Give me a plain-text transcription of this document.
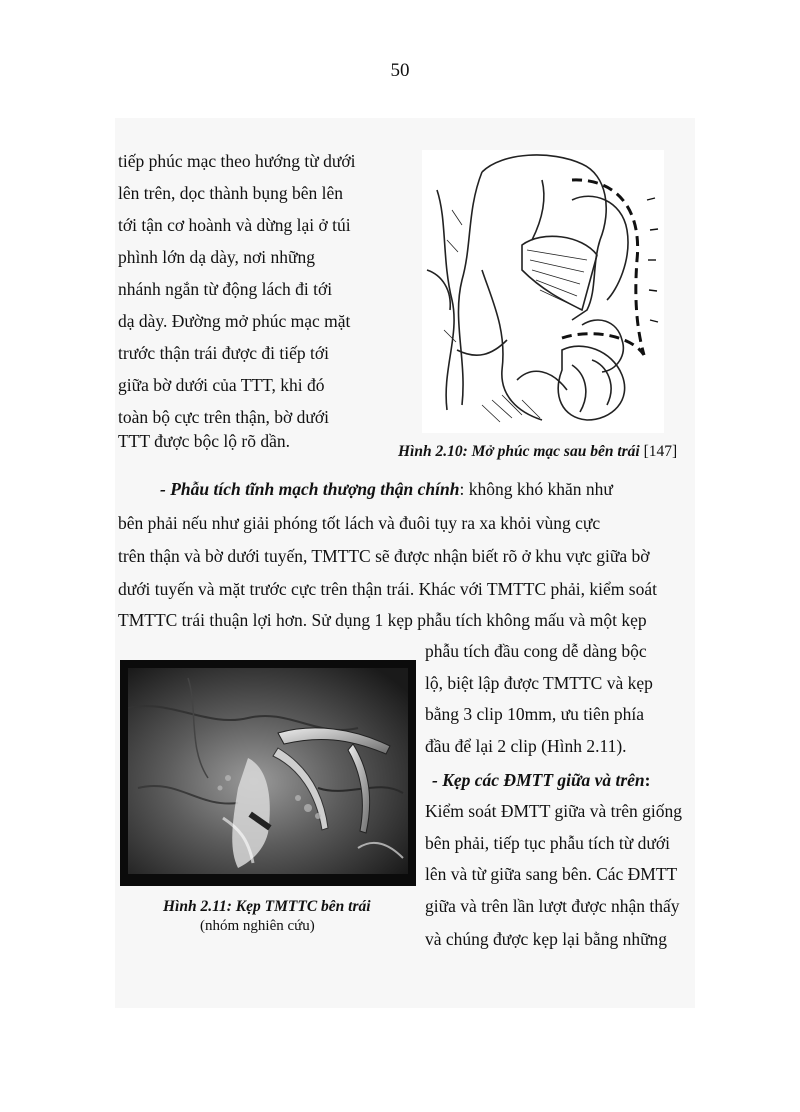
50
tiếp phúc mạc theo hướng từ dưới
lên trên, dọc thành bụng bên lên
tới tận cơ hoành và dừng lại ở túi
phình lớn dạ dày, nơi những
nhánh ngắn từ động lách đi tới
dạ dày. Đường mở phúc mạc mặt
trước thận trái được đi tiếp tới
giữa bờ dưới của TTT, khi đó
toàn bộ cực trên thận, bờ dưới
TTT được bộc lộ rõ dần.
Hình 2.10: Mở phúc mạc sau bên trái [147]
- Phẫu tích tĩnh mạch thượng thận chính: không khó khăn như
bên phải nếu như giải phóng tốt lách và đuôi tụy ra xa khỏi vùng cực
trên thận và bờ dưới tuyến, TMTTC sẽ được nhận biết rõ ở khu vực giữa bờ
dưới tuyến và mặt trước cực trên thận trái. Khác với TMTTC phải, kiểm soát
TMTTC trái thuận lợi hơn. Sử dụng 1 kẹp phẫu tích không mấu và một kẹp
phẫu tích đầu cong dễ dàng bộc
lộ, biệt lập được TMTTC và kẹp
bằng 3 clip 10mm, ưu tiên phía
đầu để lại 2 clip (Hình 2.11).
- Kẹp các ĐMTT giữa và trên:
Kiểm soát ĐMTT giữa và trên giống
bên phải, tiếp tục phẫu tích từ dưới
lên và từ giữa sang bên. Các ĐMTT
giữa và trên lần lượt được nhận thấy
và chúng được kẹp lại bằng những
Hình 2.11: Kẹp TMTTC bên trái
(nhóm nghiên cứu)
